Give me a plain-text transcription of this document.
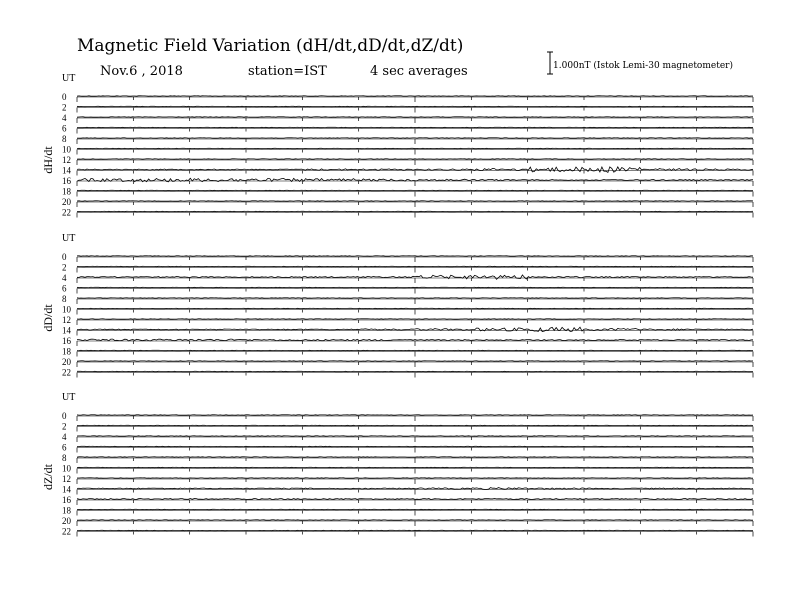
Magnetic Field Variation (dH/dt,dD/dt,dZ/dt)
Nov.6 , 2018	station=IST	4 sec averages	1.000nT (Istok Lemi-30 magnetometer)
UT
dH/dt
0
2
4
6
8
10
12
14
16
18
20
22
UT
dD/dt
0
2
4
6
8
10
12
14
16
18
20
22
UT
dZ/dt
0
2
4
6
8
10
12
14
16
18
20
22
